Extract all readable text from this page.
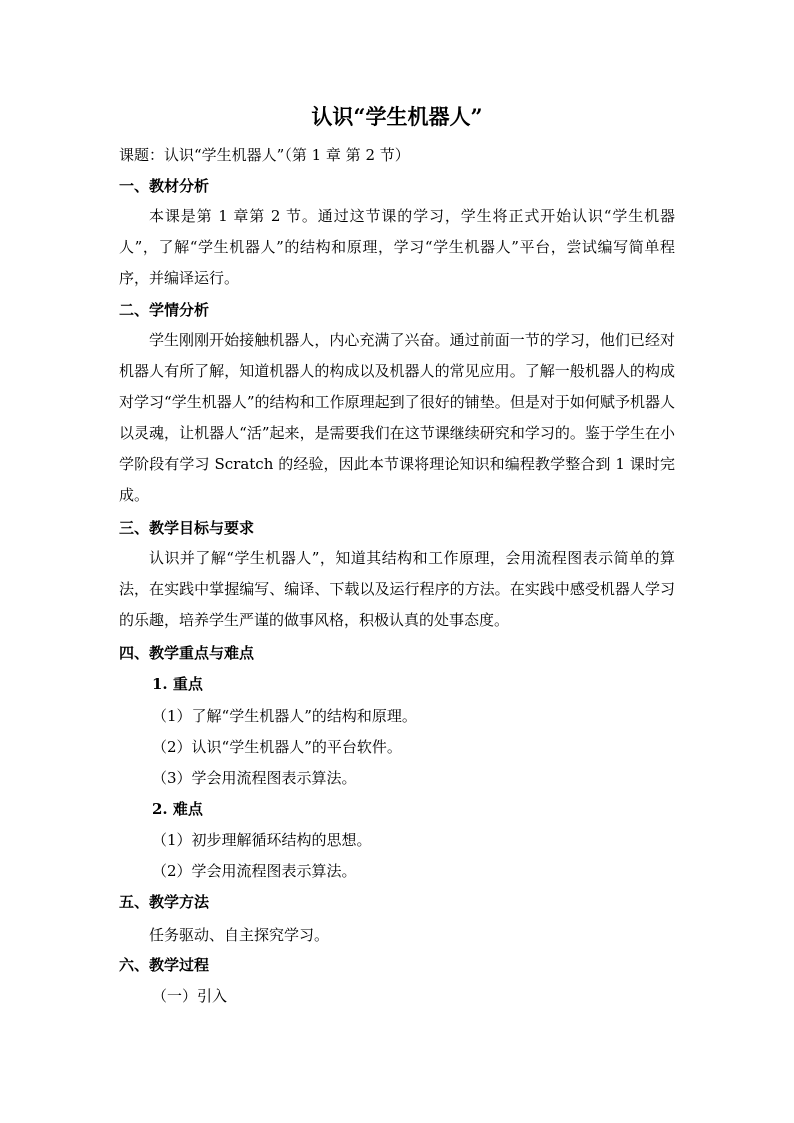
认识“学生机器人”
课题：认识“学生机器人”（第 1 章 第 2 节）
一、教材分析
本课是第 1 章第 2 节。通过这节课的学习，学生将正式开始认识“学生机器人”，了解“学生机器人”的结构和原理，学习“学生机器人”平台，尝试编写简单程序，并编译运行。
二、学情分析
学生刚刚开始接触机器人，内心充满了兴奋。通过前面一节的学习，他们已经对机器人有所了解，知道机器人的构成以及机器人的常见应用。了解一般机器人的构成对学习“学生机器人”的结构和工作原理起到了很好的铺垫。但是对于如何赋予机器人以灵魂，让机器人“活”起来，是需要我们在这节课继续研究和学习的。鉴于学生在小学阶段有学习 Scratch 的经验，因此本节课将理论知识和编程教学整合到 1 课时完成。
三、教学目标与要求
认识并了解“学生机器人”，知道其结构和工作原理，会用流程图表示简单的算法，在实践中掌握编写、编译、下载以及运行程序的方法。在实践中感受机器人学习的乐趣，培养学生严谨的做事风格，积极认真的处事态度。
四、教学重点与难点
1. 重点
（1）了解“学生机器人”的结构和原理。
（2）认识“学生机器人”的平台软件。
（3）学会用流程图表示算法。
2. 难点
（1）初步理解循环结构的思想。
（2）学会用流程图表示算法。
五、教学方法
任务驱动、自主探究学习。
六、教学过程
（一）引入
